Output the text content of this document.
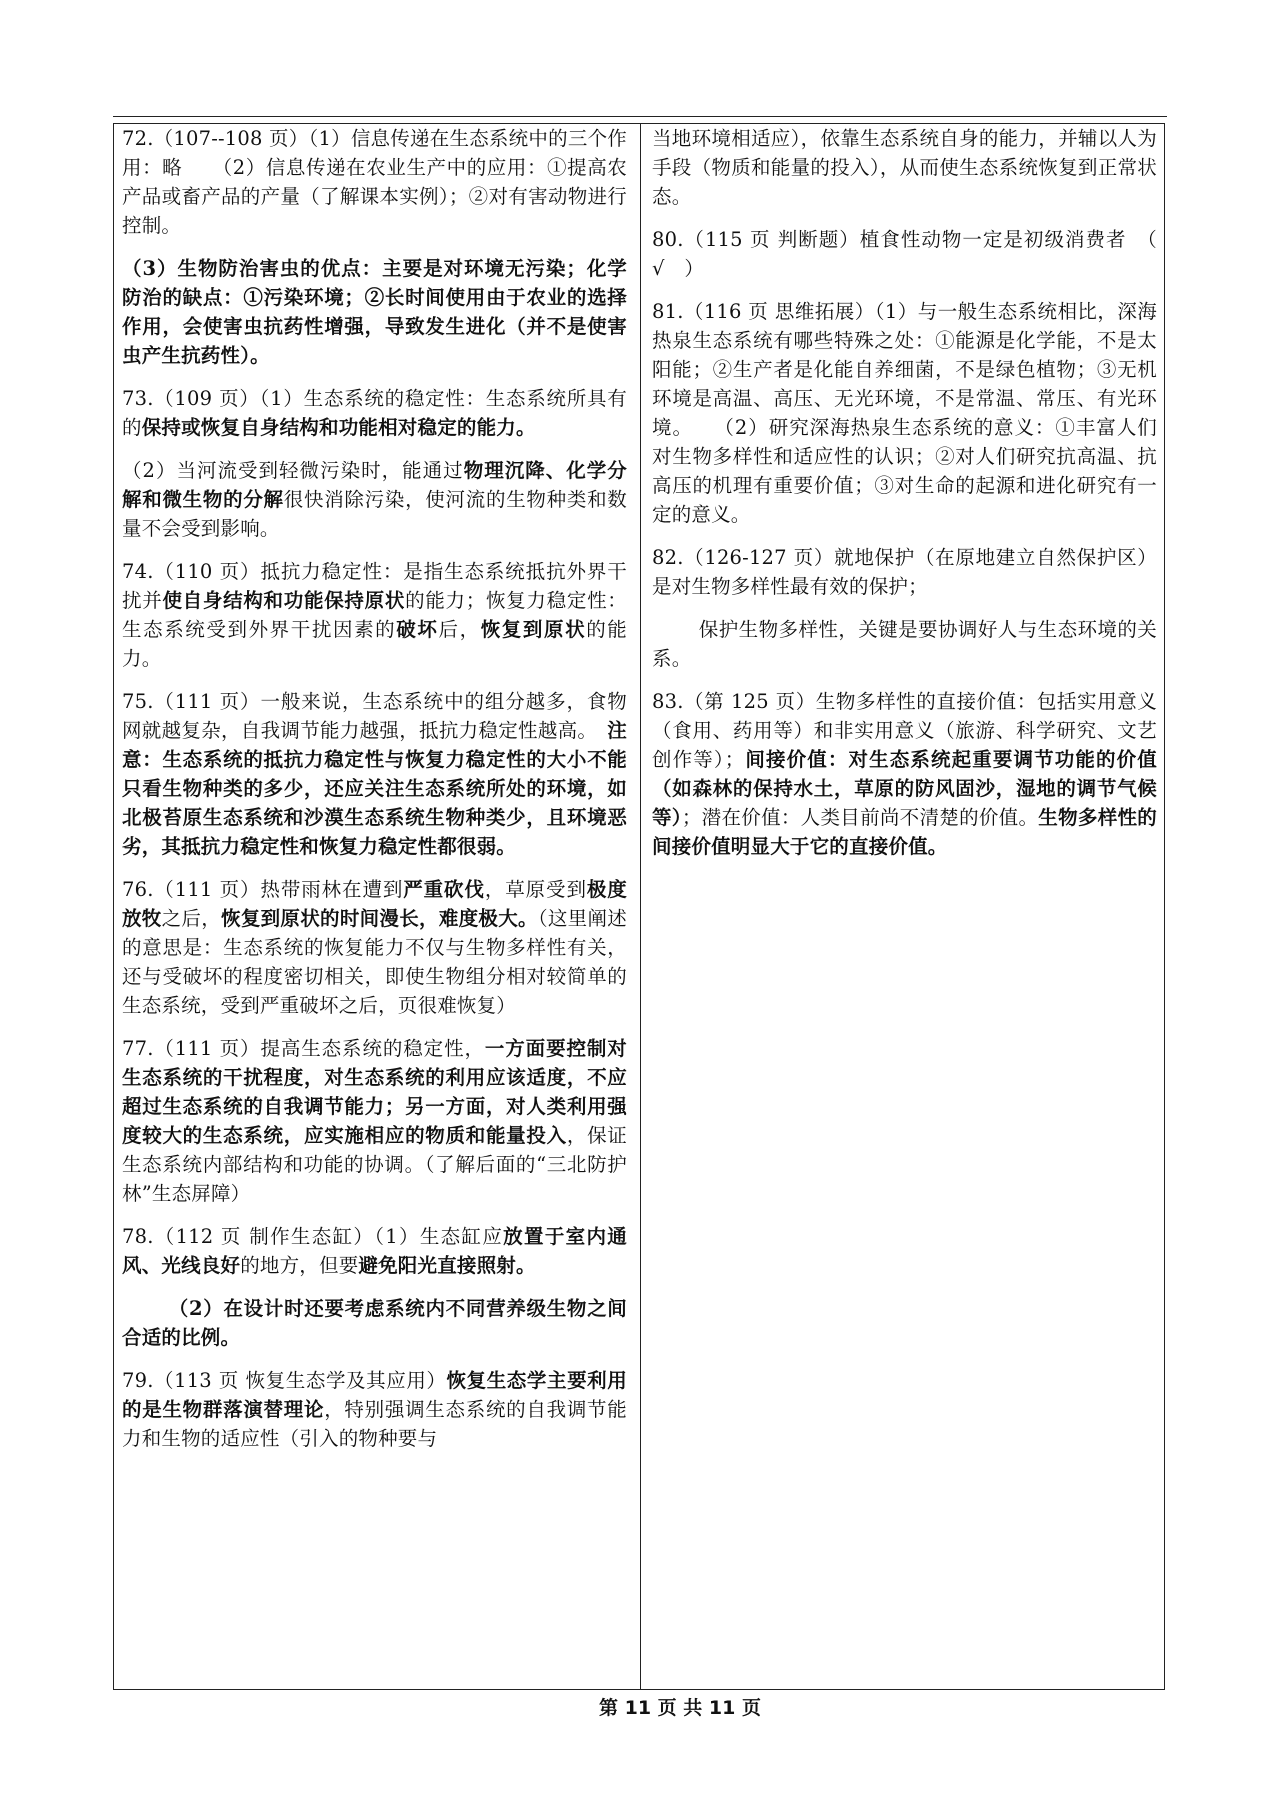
72.（107--108 页）（1）信息传递在生态系统中的三个作用：略　　（2）信息传递在农业生产中的应用：①提高农产品或畜产品的产量（了解课本实例）；②对有害动物进行控制。

（3）生物防治害虫的优点：主要是对环境无污染；化学防治的缺点：①污染环境；②长时间使用由于农业的选择作用，会使害虫抗药性增强，导致发生进化（并不是使害虫产生抗药性）。

73.（109 页）（1）生态系统的稳定性：生态系统所具有的保持或恢复自身结构和功能相对稳定的能力。

（2）当河流受到轻微污染时，能通过物理沉降、化学分解和微生物的分解很快消除污染，使河流的生物种类和数量不会受到影响。

74.（110 页）抵抗力稳定性：是指生态系统抵抗外界干扰并使自身结构和功能保持原状的能力；恢复力稳定性：生态系统受到外界干扰因素的破坏后，恢复到原状的能力。

75.（111 页）一般来说，生态系统中的组分越多，食物网就越复杂，自我调节能力越强，抵抗力稳定性越高。　注意：生态系统的抵抗力稳定性与恢复力稳定性的大小不能只看生物种类的多少，还应关注生态系统所处的环境，如北极苔原生态系统和沙漠生态系统生物种类少，且环境恶劣，其抵抗力稳定性和恢复力稳定性都很弱。

76.（111 页）热带雨林在遭到严重砍伐，草原受到极度放牧之后，恢复到原状的时间漫长，难度极大。（这里阐述的意思是：生态系统的恢复能力不仅与生物多样性有关，还与受破坏的程度密切相关，即使生物组分相对较简单的生态系统，受到严重破坏之后，页很难恢复）

77.（111 页）提高生态系统的稳定性，一方面要控制对生态系统的干扰程度，对生态系统的利用应该适度，不应超过生态系统的自我调节能力；另一方面，对人类利用强度较大的生态系统，应实施相应的物质和能量投入，保证生态系统内部结构和功能的协调。（了解后面的“三北防护林”生态屏障）

78.（112 页 制作生态缸）（1）生态缸应放置于室内通风、光线良好的地方，但要避免阳光直接照射。

（2）在设计时还要考虑系统内不同营养级生物之间合适的比例。

79.（113 页 恢复生态学及其应用）恢复生态学主要利用的是生物群落演替理论，特别强调生态系统的自我调节能力和生物的适应性（引入的物种要与

当地环境相适应），依靠生态系统自身的能力，并辅以人为手段（物质和能量的投入），从而使生态系统恢复到正常状态。

80.（115 页 判断题）植食性动物一定是初级消费者　（　√　）

81.（116 页 思维拓展）（1）与一般生态系统相比，深海热泉生态系统有哪些特殊之处：①能源是化学能，不是太阳能；②生产者是化能自养细菌，不是绿色植物；③无机环境是高温、高压、无光环境，不是常温、常压、有光环境。　　（2）研究深海热泉生态系统的意义：①丰富人们对生物多样性和适应性的认识；②对人们研究抗高温、抗高压的机理有重要价值；③对生命的起源和进化研究有一定的意义。

82.（126-127 页）就地保护（在原地建立自然保护区）是对生物多样性最有效的保护；

保护生物多样性，关键是要协调好人与生态环境的关系。

83.（第 125 页）生物多样性的直接价值：包括实用意义（食用、药用等）和非实用意义（旅游、科学研究、文艺创作等）；间接价值：对生态系统起重要调节功能的价值（如森林的保持水土，草原的防风固沙，湿地的调节气候等）；潜在价值：人类目前尚不清楚的价值。生物多样性的间接价值明显大于它的直接价值。

第 11 页 共 11 页
